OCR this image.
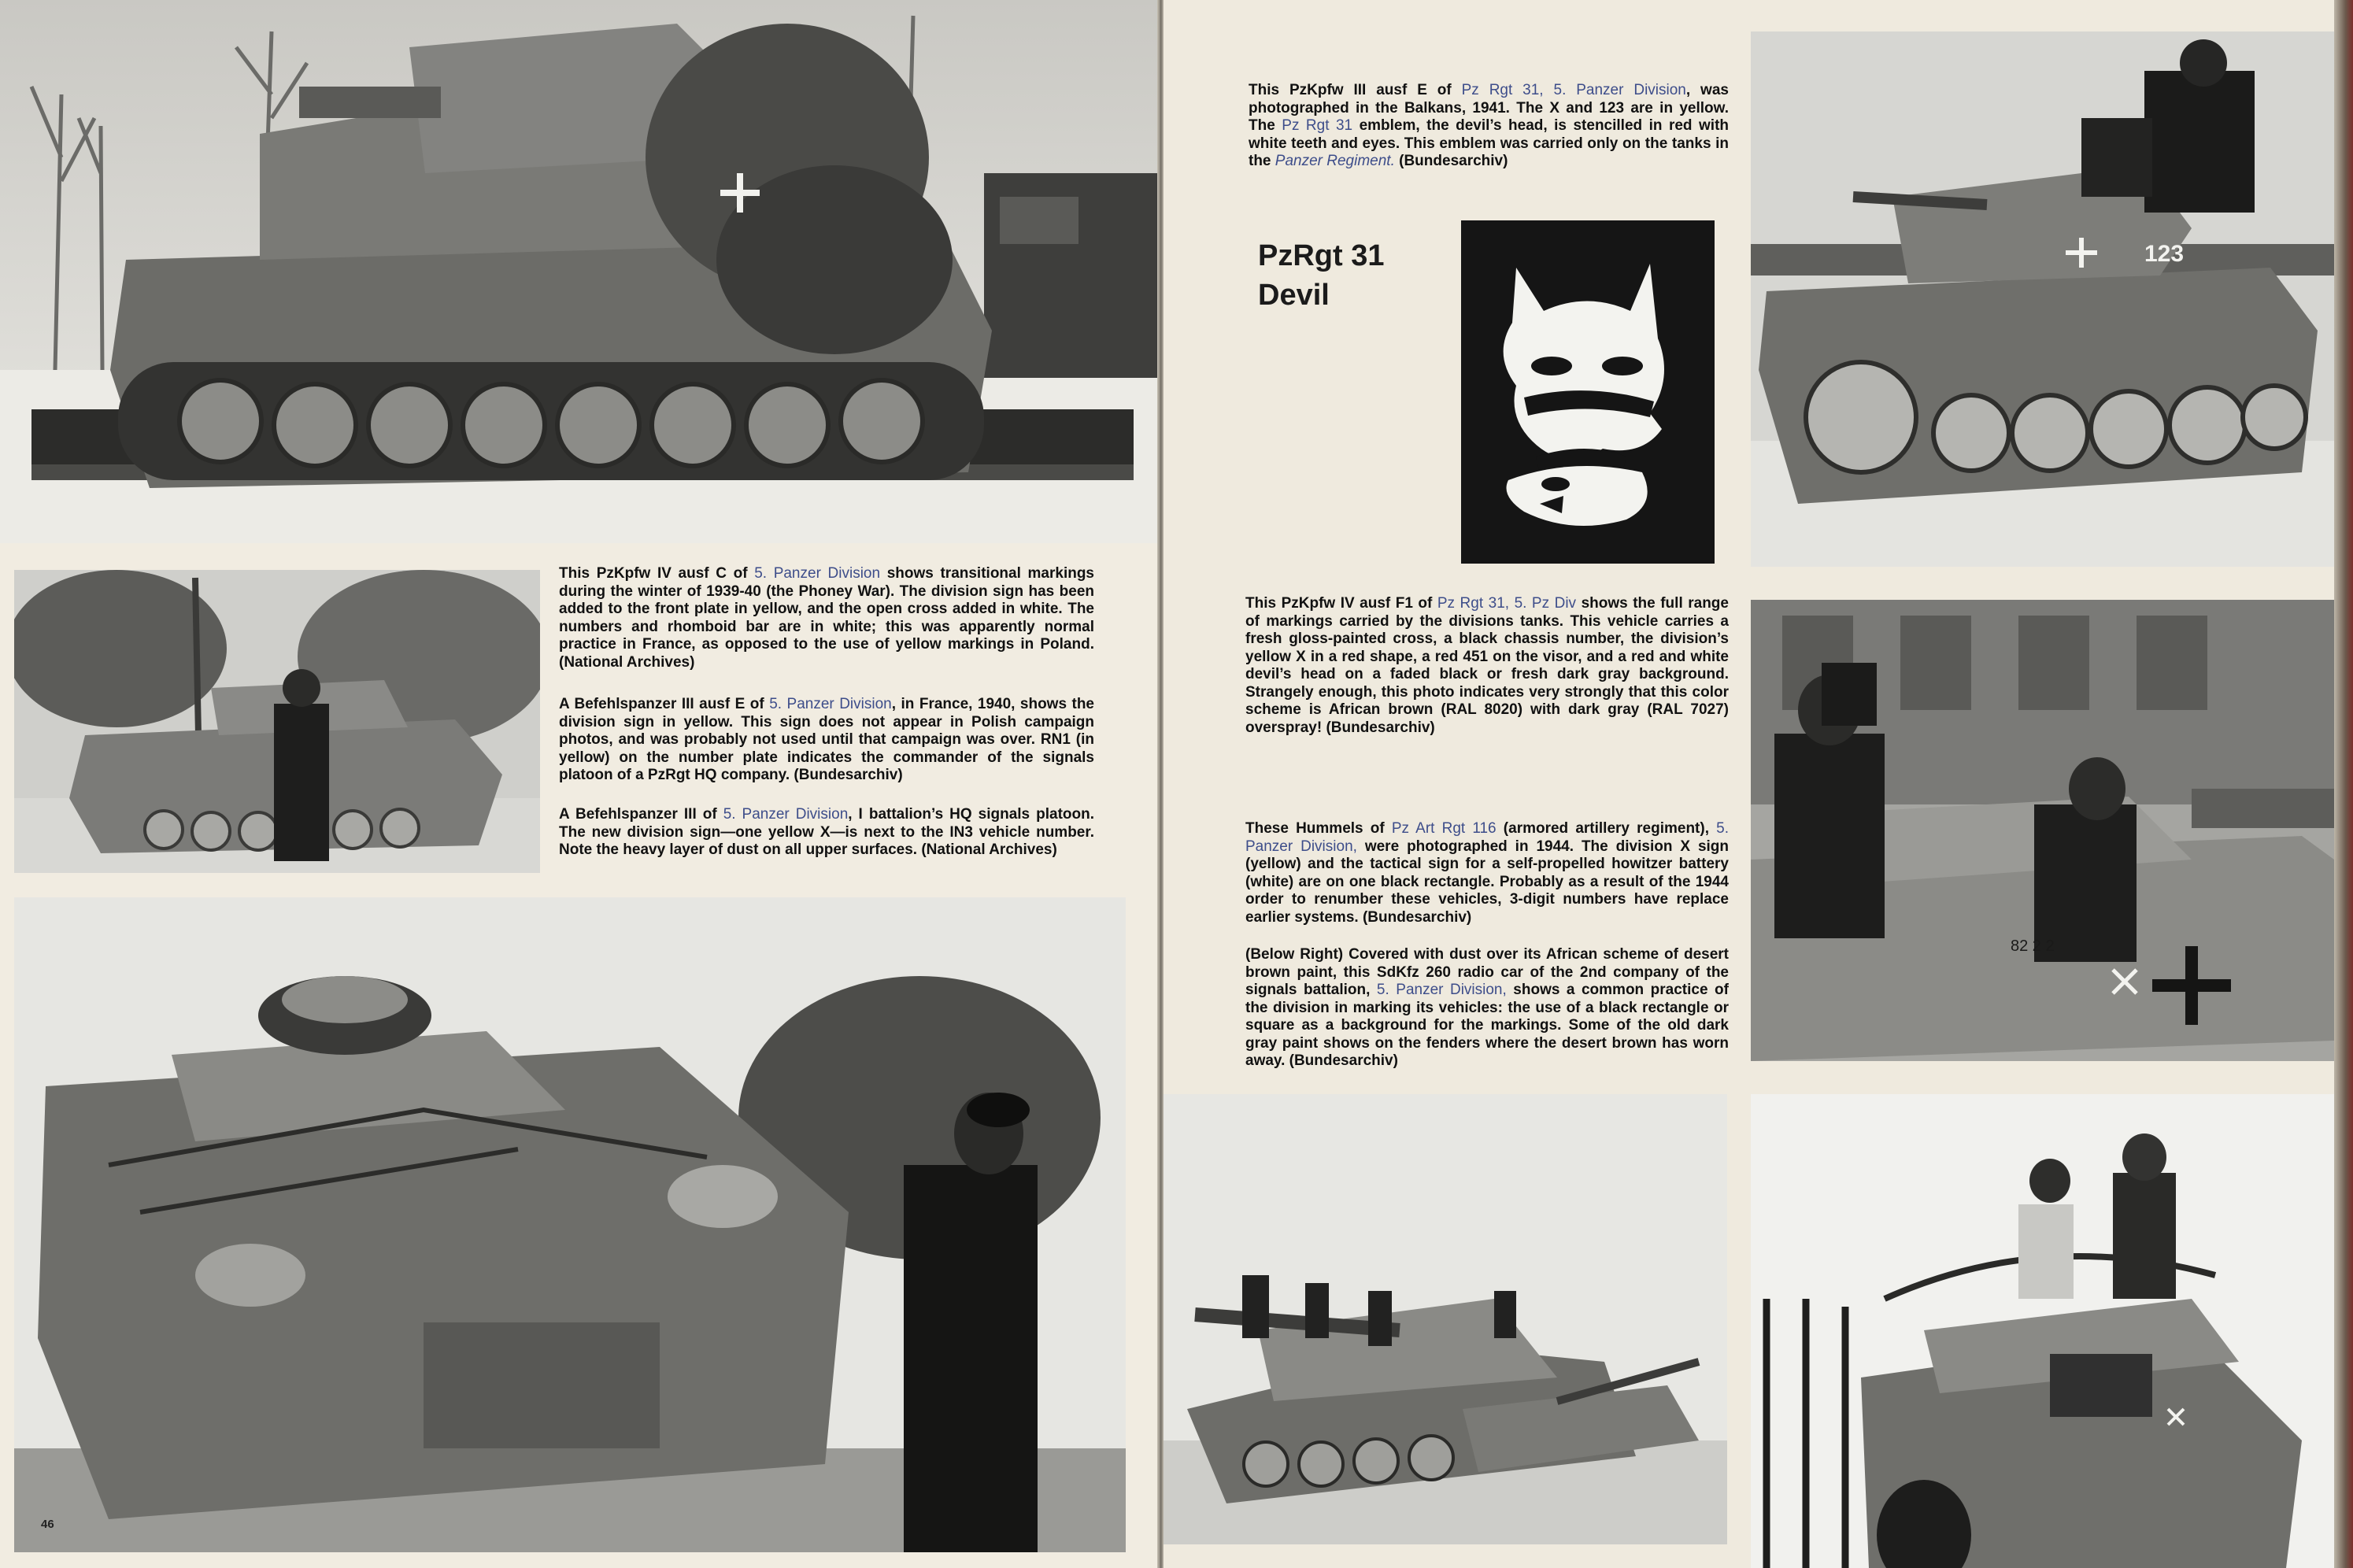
This PzKpfw IV ausf C of 5. Panzer Division shows transitional markings during the winter of 1939-40 (the Phoney War). The division sign has been added to the front plate in yellow, and the open cross added in white. The numbers and rhomboid bar are in white; this was apparently normal practice in France, as opposed to the use of yellow markings in Poland. (National Archives)

A Befehlspanzer III ausf E of 5. Panzer Division, in France, 1940, shows the division sign in yellow. This sign does not appear in Polish campaign photos, and was probably not used until that campaign was over. RN1 (in yellow) on the number plate indicates the commander of the signals platoon of a PzRgt HQ company. (Bundesarchiv)

A Befehlspanzer III of 5. Panzer Division, I battalion’s HQ signals platoon. The new division sign—one yellow X—is next to the IN3 vehicle number. Note the heavy layer of dust on all upper surfaces. (National Archives)

46

This PzKpfw III ausf E of Pz Rgt 31, 5. Panzer Division, was photographed in the Balkans, 1941. The X and 123 are in yellow. The Pz Rgt 31 emblem, the devil’s head, is stencilled in red with white teeth and eyes. This emblem was carried only on the tanks in the Panzer Regiment. (Bundesarchiv)

PzRgt 31
Devil

This PzKpfw IV ausf F1 of Pz Rgt 31, 5. Pz Div shows the full range of markings carried by the divisions tanks. This vehicle carries a fresh gloss-painted cross, a black chassis number, the division’s yellow X in a red shape, a red 451 on the visor, and a red and white devil’s head on a faded black or fresh dark gray background. Strangely enough, this photo indicates very strongly that this color scheme is African brown (RAL 8020) with dark gray (RAL 7027) overspray! (Bundesarchiv)

These Hummels of Pz Art Rgt 116 (armored artillery regiment), 5. Panzer Division, were photographed in 1944. The division X sign (yellow) and the tactical sign for a self-propelled howitzer battery (white) are on one black rectangle. Probably as a result of the 1944 order to renumber these vehicles, 3-digit numbers have replace earlier systems. (Bundesarchiv)

(Below Right) Covered with dust over its African scheme of desert brown paint, this SdKfz 260 radio car of the 2nd company of the signals battalion, 5. Panzer Division, shows a common practice of the division in marking its vehicles: the use of a black rectangle or square as a background for the markings. Some of the old dark gray paint shows on the fenders where the desert brown has worn away. (Bundesarchiv)

123
82 2 2
